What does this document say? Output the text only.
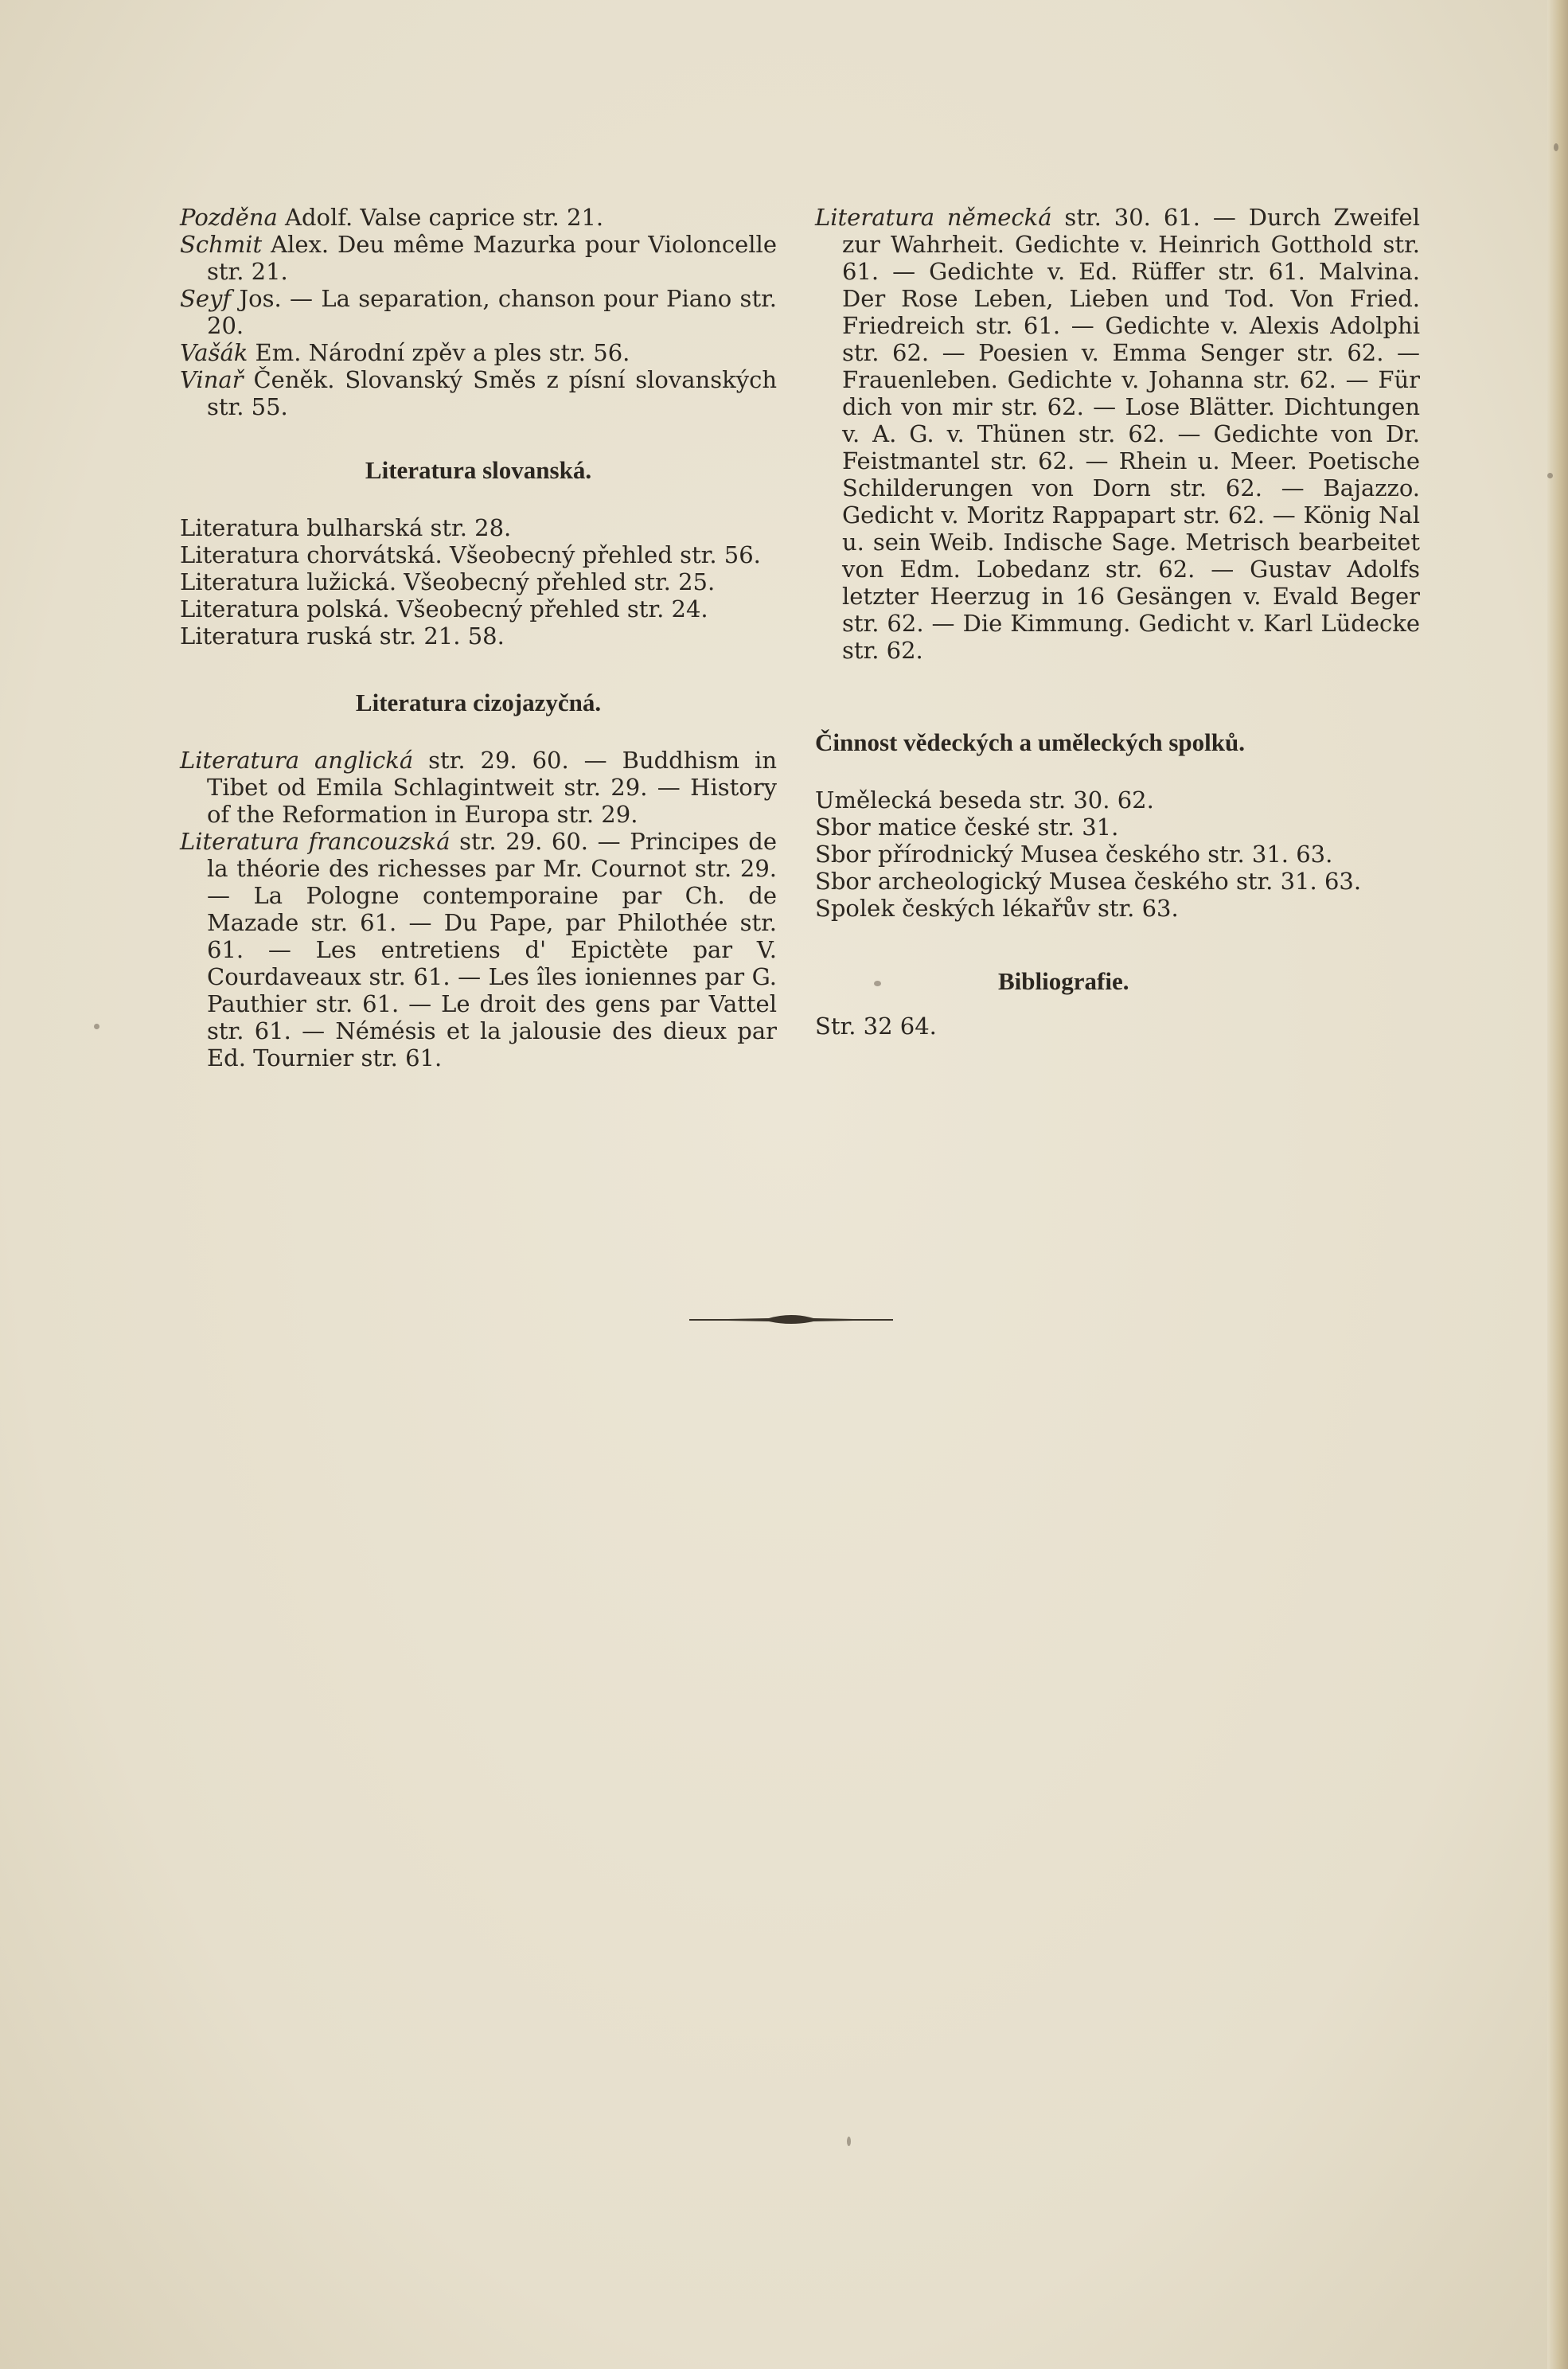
Pozděna Adolf. Valse caprice str. 21.

Schmit Alex. Deu même Mazurka pour Violoncelle str. 21.

Seyf Jos. — La separation, chanson pour Piano str. 20.

Vašák Em. Národní zpěv a ples str. 56.

Vinař Čeněk. Slovanský Směs z písní slovanských str. 55.

Literatura slovanská.

Literatura bulharská str. 28.

Literatura chorvátská. Všeobecný přehled str. 56.

Literatura lužická. Všeobecný přehled str. 25.

Literatura polská. Všeobecný přehled str. 24.

Literatura ruská str. 21. 58.

Literatura cizojazyčná.

Literatura anglická str. 29. 60. — Buddhism in Tibet od Emila Schlagintweit str. 29. — History of the Reformation in Europa str. 29.

Literatura francouzská str. 29. 60. — Principes de la théorie des richesses par Mr. Cournot str. 29. — La Pologne contemporaine par Ch. de Mazade str. 61. — Du Pape, par Philothée str. 61. — Les entretiens d' Epictète par V. Courdaveaux str. 61. — Les îles ioniennes par G. Pauthier str. 61. — Le droit des gens par Vattel str. 61. — Némésis et la jalousie des dieux par Ed. Tournier str. 61.

Literatura německá str. 30. 61. — Durch Zweifel zur Wahrheit. Gedichte v. Heinrich Gotthold str. 61. — Gedichte v. Ed. Rüffer str. 61. Malvina. Der Rose Leben, Lieben und Tod. Von Fried. Friedreich str. 61. — Gedichte v. Alexis Adolphi str. 62. — Poesien v. Emma Senger str. 62. — Frauenleben. Gedichte v. Johanna str. 62. — Für dich von mir str. 62. — Lose Blätter. Dichtungen v. A. G. v. Thünen str. 62. — Gedichte von Dr. Feistmantel str. 62. — Rhein u. Meer. Poetische Schilderungen von Dorn str. 62. — Bajazzo. Gedicht v. Moritz Rappapart str. 62. — König Nal u. sein Weib. Indische Sage. Metrisch bearbeitet von Edm. Lobedanz str. 62. — Gustav Adolfs letzter Heerzug in 16 Gesängen v. Evald Beger str. 62. — Die Kimmung. Gedicht v. Karl Lüdecke str. 62.

Činnost vědeckých a uměleckých spolků.

Umělecká beseda str. 30. 62.

Sbor matice české str. 31.

Sbor přírodnický Musea českého str. 31. 63.

Sbor archeologický Musea českého str. 31. 63.

Spolek českých lékařův str. 63.

Bibliografie.

Str. 32 64.
